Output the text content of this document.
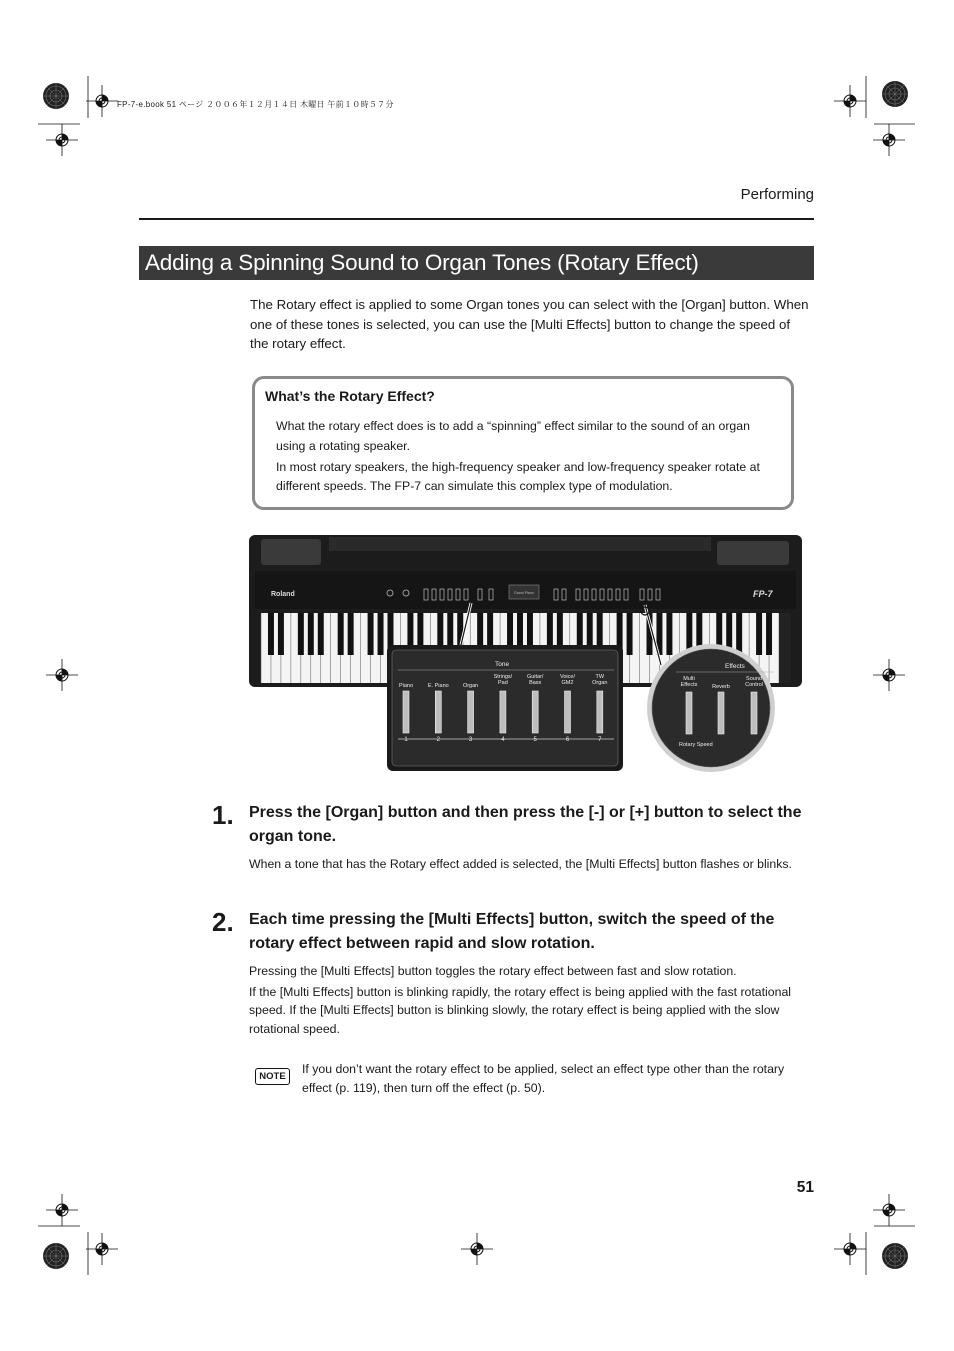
FP-7-e.book 51 ページ ２００６年１２月１４日 木曜日 午前１０時５７分
Performing
Adding a Spinning Sound to Organ Tones (Rotary Effect)

The Rotary effect is applied to some Organ tones you can select with the [Organ] button. When one of these tones is selected, you can use the [Multi Effects] button to change the speed of the rotary effect.

What’s the Rotary Effect?

What the rotary effect does is to add a “spinning” effect similar to the sound of an organ using a rotating speaker.

In most rotary speakers, the high-frequency speaker and low-frequency speaker rotate at different speeds. The FP-7 can simulate this complex type of modulation.

Roland	FP-7
Grand Piano
Tone
Piano
1
E. Piano
2
Organ
3
Strings/ Pad
4
Guitar/ Bass
5
Voice/ GM2
6
TW Organ
7
Effects
Multi Effects	Reverb
Sound Control
Rotary Speed
1. Press the [Organ] button and then press the [-] or [+] button to select the organ tone.

When a tone that has the Rotary effect added is selected, the [Multi Effects] button flashes or blinks.

2. Each time pressing the [Multi Effects] button, switch the speed of the rotary effect between rapid and slow rotation.

Pressing the [Multi Effects] button toggles the rotary effect between fast and slow rotation.

If the [Multi Effects] button is blinking rapidly, the rotary effect is being applied with the fast rotational speed. If the [Multi Effects] button is blinking slowly, the rotary effect is being applied with the slow rotational speed.

NOTE

If you don’t want the rotary effect to be applied, select an effect type other than the rotary effect (p. 119), then turn off the effect (p. 50).

51
